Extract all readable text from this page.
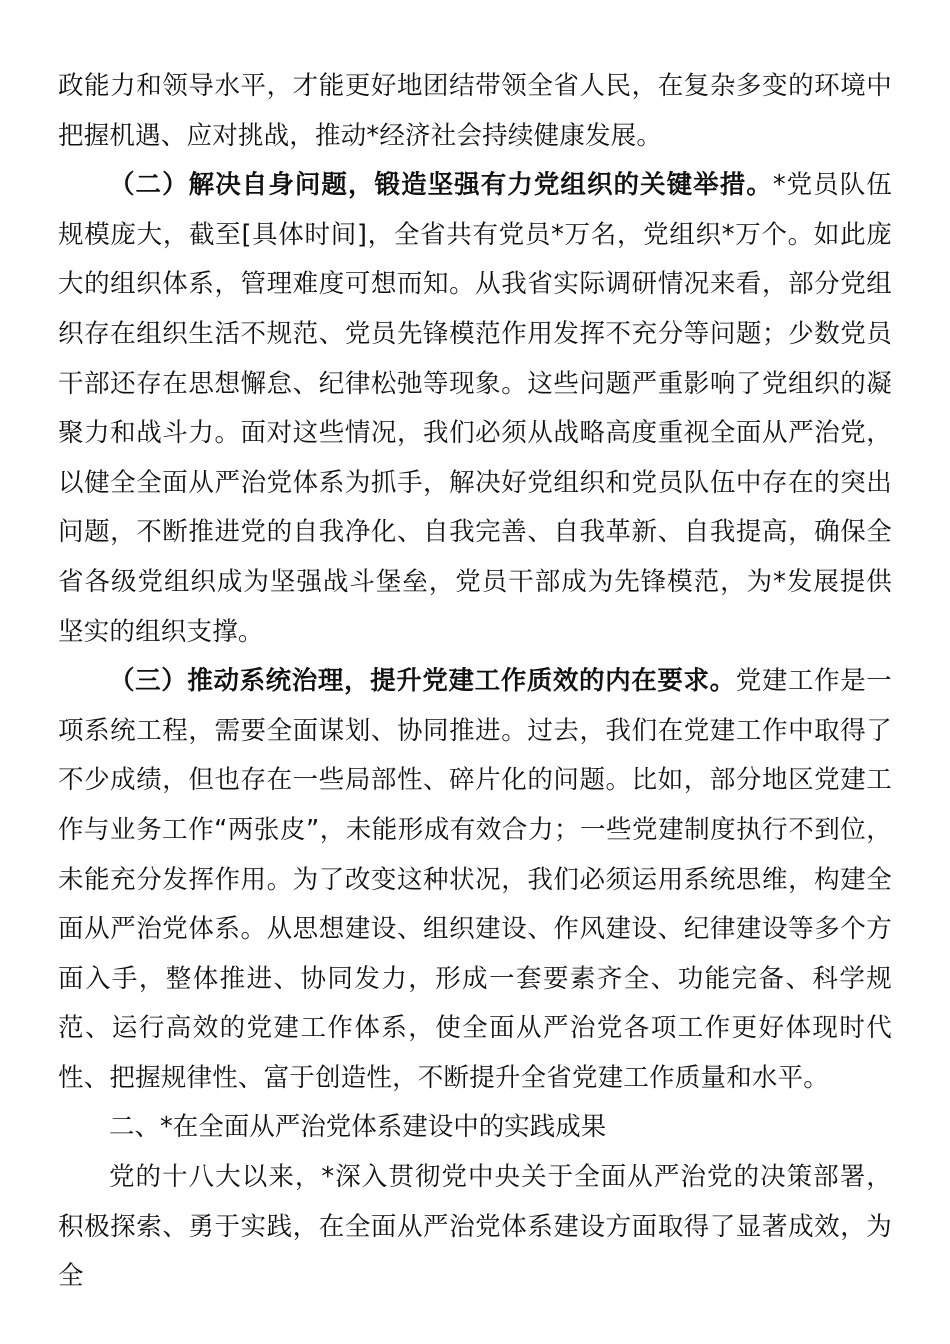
政能力和领导水平，才能更好地团结带领全省人民，在复杂多变的环境中把握机遇、应对挑战，推动*经济社会持续健康发展。

（二）解决自身问题，锻造坚强有力党组织的关键举措。*党员队伍规模庞大，截至[具体时间]，全省共有党员*万名，党组织*万个。如此庞大的组织体系，管理难度可想而知。从我省实际调研情况来看，部分党组织存在组织生活不规范、党员先锋模范作用发挥不充分等问题；少数党员干部还存在思想懈怠、纪律松弛等现象。这些问题严重影响了党组织的凝聚力和战斗力。面对这些情况，我们必须从战略高度重视全面从严治党，以健全全面从严治党体系为抓手，解决好党组织和党员队伍中存在的突出问题，不断推进党的自我净化、自我完善、自我革新、自我提高，确保全省各级党组织成为坚强战斗堡垒，党员干部成为先锋模范，为*发展提供坚实的组织支撑。

（三）推动系统治理，提升党建工作质效的内在要求。党建工作是一项系统工程，需要全面谋划、协同推进。过去，我们在党建工作中取得了不少成绩，但也存在一些局部性、碎片化的问题。比如，部分地区党建工作与业务工作“两张皮”，未能形成有效合力；一些党建制度执行不到位，未能充分发挥作用。为了改变这种状况，我们必须运用系统思维，构建全面从严治党体系。从思想建设、组织建设、作风建设、纪律建设等多个方面入手，整体推进、协同发力，形成一套要素齐全、功能完备、科学规范、运行高效的党建工作体系，使全面从严治党各项工作更好体现时代性、把握规律性、富于创造性，不断提升全省党建工作质量和水平。

二、*在全面从严治党体系建设中的实践成果

党的十八大以来，*深入贯彻党中央关于全面从严治党的决策部署，积极探索、勇于实践，在全面从严治党体系建设方面取得了显著成效，为全
